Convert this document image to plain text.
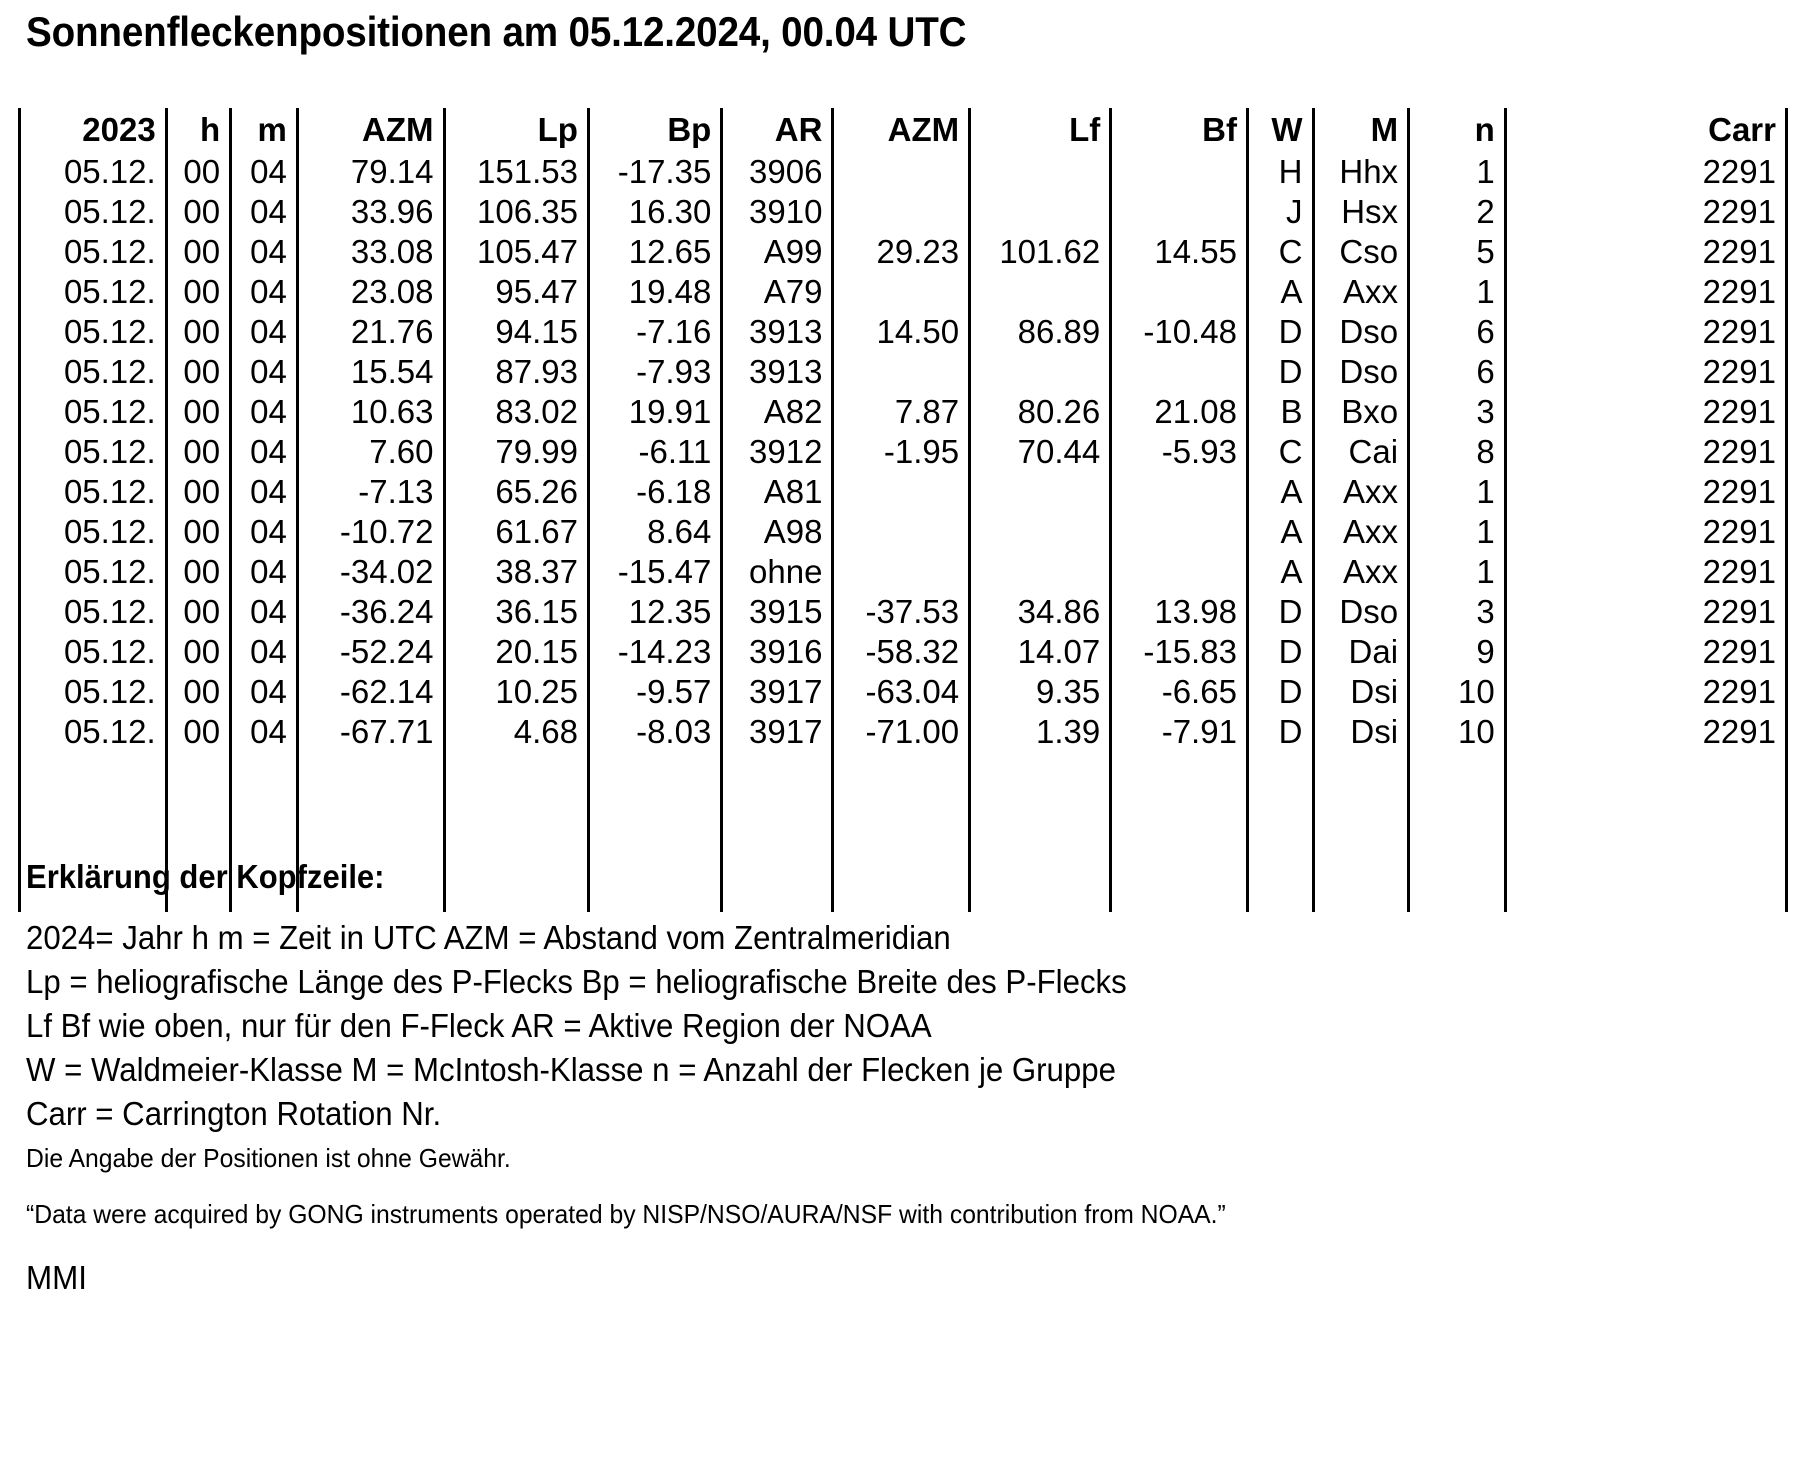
Sonnenfleckenpositionen am 05.12.2024, 00.04 UTC
2023	h	m	AZM	Lp	Bp	AR	AZM	Lf	Bf	W	M	n	Carr
05.12.	00	04	79.14	151.53	-17.35	3906				H	Hhx	1	2291
05.12.	00	04	33.96	106.35	16.30	3910				J	Hsx	2	2291
05.12.	00	04	33.08	105.47	12.65	A99	29.23	101.62	14.55	C	Cso	5	2291
05.12.	00	04	23.08	95.47	19.48	A79				A	Axx	1	2291
05.12.	00	04	21.76	94.15	-7.16	3913	14.50	86.89	-10.48	D	Dso	6	2291
05.12.	00	04	15.54	87.93	-7.93	3913				D	Dso	6	2291
05.12.	00	04	10.63	83.02	19.91	A82	7.87	80.26	21.08	B	Bxo	3	2291
05.12.	00	04	7.60	79.99	-6.11	3912	-1.95	70.44	-5.93	C	Cai	8	2291
05.12.	00	04	-7.13	65.26	-6.18	A81				A	Axx	1	2291
05.12.	00	04	-10.72	61.67	8.64	A98				A	Axx	1	2291
05.12.	00	04	-34.02	38.37	-15.47	ohne				A	Axx	1	2291
05.12.	00	04	-36.24	36.15	12.35	3915	-37.53	34.86	13.98	D	Dso	3	2291
05.12.	00	04	-52.24	20.15	-14.23	3916	-58.32	14.07	-15.83	D	Dai	9	2291
05.12.	00	04	-62.14	10.25	-9.57	3917	-63.04	9.35	-6.65	D	Dsi	10	2291
05.12.	00	04	-67.71	4.68	-8.03	3917	-71.00	1.39	-7.91	D	Dsi	10	2291

Erklärung der Kopfzeile:
2024= Jahr h m = Zeit in UTC AZM = Abstand vom Zentralmeridian
Lp = heliografische Länge des P-Flecks Bp = heliografische Breite des P-Flecks
Lf Bf wie oben, nur für den F-Fleck AR = Aktive Region der NOAA
W = Waldmeier-Klasse M = McIntosh-Klasse n = Anzahl der Flecken je Gruppe
Carr = Carrington Rotation Nr.
Die Angabe der Positionen ist ohne Gewähr.
“Data were acquired by GONG instruments operated by NISP/NSO/AURA/NSF with contribution from NOAA.”
MMI
